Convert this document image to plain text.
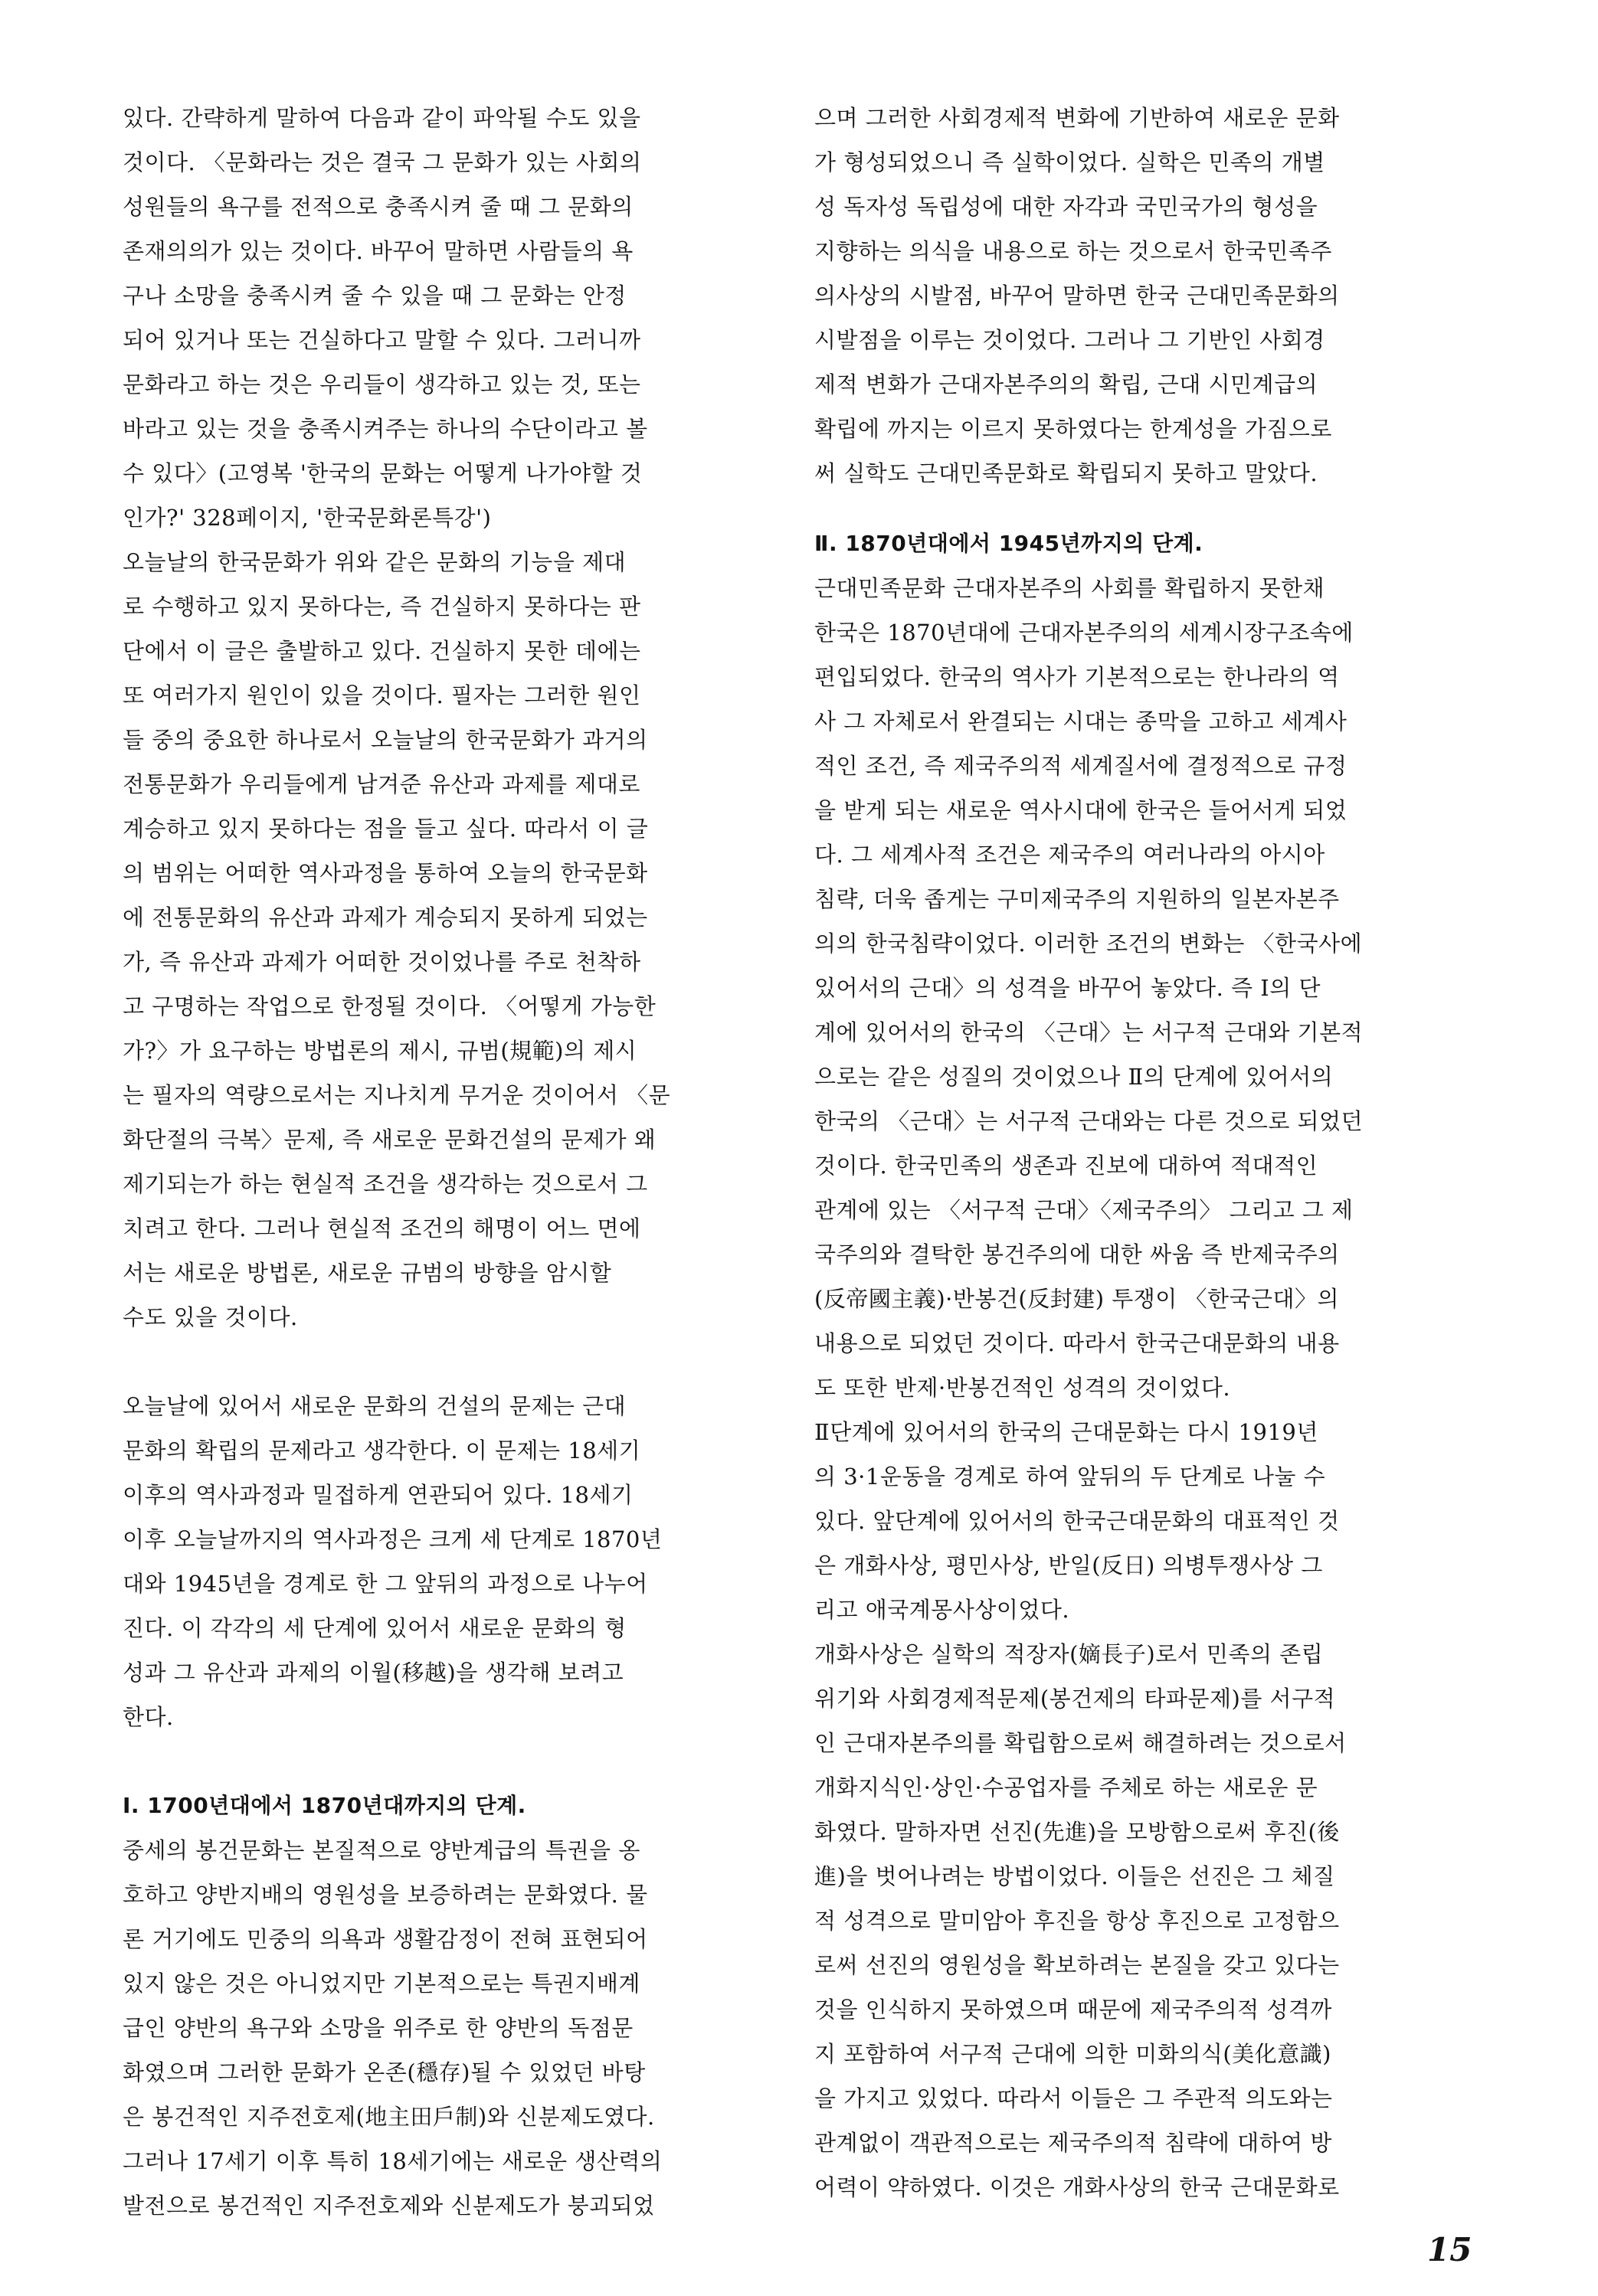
있다. 간략하게 말하여 다음과 같이 파악될 수도 있을
것이다. 〈문화라는 것은 결국 그 문화가 있는 사회의
성원들의 욕구를 전적으로 충족시켜 줄 때 그 문화의
존재의의가 있는 것이다. 바꾸어 말하면 사람들의 욕
구나 소망을 충족시켜 줄 수 있을 때 그 문화는 안정
되어 있거나 또는 건실하다고 말할 수 있다. 그러니까
문화라고 하는 것은 우리들이 생각하고 있는 것, 또는
바라고 있는 것을 충족시켜주는 하나의 수단이라고 볼
수 있다〉(고영복 '한국의 문화는 어떻게 나가야할 것
인가?' 328페이지, '한국문화론특강')
오늘날의 한국문화가 위와 같은 문화의 기능을 제대
로 수행하고 있지 못하다는, 즉 건실하지 못하다는 판
단에서 이 글은 출발하고 있다. 건실하지 못한 데에는
또 여러가지 원인이 있을 것이다. 필자는 그러한 원인
들 중의 중요한 하나로서 오늘날의 한국문화가 과거의
전통문화가 우리들에게 남겨준 유산과 과제를 제대로
계승하고 있지 못하다는 점을 들고 싶다. 따라서 이 글
의 범위는 어떠한 역사과정을 통하여 오늘의 한국문화
에 전통문화의 유산과 과제가 계승되지 못하게 되었는
가, 즉 유산과 과제가 어떠한 것이었나를 주로 천착하
고 구명하는 작업으로 한정될 것이다. 〈어떻게 가능한
가?〉가 요구하는 방법론의 제시, 규범(規範)의 제시
는 필자의 역량으로서는 지나치게 무거운 것이어서 〈문
화단절의 극복〉문제, 즉 새로운 문화건설의 문제가 왜
제기되는가 하는 현실적 조건을 생각하는 것으로서 그
치려고 한다. 그러나 현실적 조건의 해명이 어느 면에
서는 새로운 방법론, 새로운 규범의 방향을 암시할
수도 있을 것이다.
오늘날에 있어서 새로운 문화의 건설의 문제는 근대
문화의 확립의 문제라고 생각한다. 이 문제는 18세기
이후의 역사과정과 밀접하게 연관되어 있다. 18세기
이후 오늘날까지의 역사과정은 크게 세 단계로 1870년
대와 1945년을 경계로 한 그 앞뒤의 과정으로 나누어
진다. 이 각각의 세 단계에 있어서 새로운 문화의 형
성과 그 유산과 과제의 이월(移越)을 생각해 보려고
한다.
Ⅰ. 1700년대에서 1870년대까지의 단계.
중세의 봉건문화는 본질적으로 양반계급의 특권을 옹
호하고 양반지배의 영원성을 보증하려는 문화였다. 물
론 거기에도 민중의 의욕과 생활감정이 전혀 표현되어
있지 않은 것은 아니었지만 기본적으로는 특권지배계
급인 양반의 욕구와 소망을 위주로 한 양반의 독점문
화였으며 그러한 문화가 온존(穩存)될 수 있었던 바탕
은 봉건적인 지주전호제(地主田戶制)와 신분제도였다.
그러나 17세기 이후 특히 18세기에는 새로운 생산력의
발전으로 봉건적인 지주전호제와 신분제도가 붕괴되었
으며 그러한 사회경제적 변화에 기반하여 새로운 문화
가 형성되었으니 즉 실학이었다. 실학은 민족의 개별
성 독자성 독립성에 대한 자각과 국민국가의 형성을
지향하는 의식을 내용으로 하는 것으로서 한국민족주
의사상의 시발점, 바꾸어 말하면 한국 근대민족문화의
시발점을 이루는 것이었다. 그러나 그 기반인 사회경
제적 변화가 근대자본주의의 확립, 근대 시민계급의
확립에 까지는 이르지 못하였다는 한계성을 가짐으로
써 실학도 근대민족문화로 확립되지 못하고 말았다.
Ⅱ. 1870년대에서 1945년까지의 단계.
근대민족문화 근대자본주의 사회를 확립하지 못한채
한국은 1870년대에 근대자본주의의 세계시장구조속에
편입되었다. 한국의 역사가 기본적으로는 한나라의 역
사 그 자체로서 완결되는 시대는 종막을 고하고 세계사
적인 조건, 즉 제국주의적 세계질서에 결정적으로 규정
을 받게 되는 새로운 역사시대에 한국은 들어서게 되었
다. 그 세계사적 조건은 제국주의 여러나라의 아시아
침략, 더욱 좁게는 구미제국주의 지원하의 일본자본주
의의 한국침략이었다. 이러한 조건의 변화는 〈한국사에
있어서의 근대〉의 성격을 바꾸어 놓았다. 즉 Ⅰ의 단
계에 있어서의 한국의 〈근대〉는 서구적 근대와 기본적
으로는 같은 성질의 것이었으나 Ⅱ의 단계에 있어서의
한국의 〈근대〉는 서구적 근대와는 다른 것으로 되었던
것이다. 한국민족의 생존과 진보에 대하여 적대적인
관계에 있는 〈서구적 근대〉〈제국주의〉 그리고 그 제
국주의와 결탁한 봉건주의에 대한 싸움 즉 반제국주의
(反帝國主義)·반봉건(反封建) 투쟁이 〈한국근대〉의
내용으로 되었던 것이다. 따라서 한국근대문화의 내용
도 또한 반제·반봉건적인 성격의 것이었다.
Ⅱ단계에 있어서의 한국의 근대문화는 다시 1919년
의 3·1운동을 경계로 하여 앞뒤의 두 단계로 나눌 수
있다. 앞단계에 있어서의 한국근대문화의 대표적인 것
은 개화사상, 평민사상, 반일(反日) 의병투쟁사상 그
리고 애국계몽사상이었다.
개화사상은 실학의 적장자(嫡長子)로서 민족의 존립
위기와 사회경제적문제(봉건제의 타파문제)를 서구적
인 근대자본주의를 확립함으로써 해결하려는 것으로서
개화지식인·상인·수공업자를 주체로 하는 새로운 문
화였다. 말하자면 선진(先進)을 모방함으로써 후진(後
進)을 벗어나려는 방법이었다. 이들은 선진은 그 체질
적 성격으로 말미암아 후진을 항상 후진으로 고정함으
로써 선진의 영원성을 확보하려는 본질을 갖고 있다는
것을 인식하지 못하였으며 때문에 제국주의적 성격까
지 포함하여 서구적 근대에 의한 미화의식(美化意識)
을 가지고 있었다. 따라서 이들은 그 주관적 의도와는
관계없이 객관적으로는 제국주의적 침략에 대하여 방
어력이 약하였다. 이것은 개화사상의 한국 근대문화로
15
